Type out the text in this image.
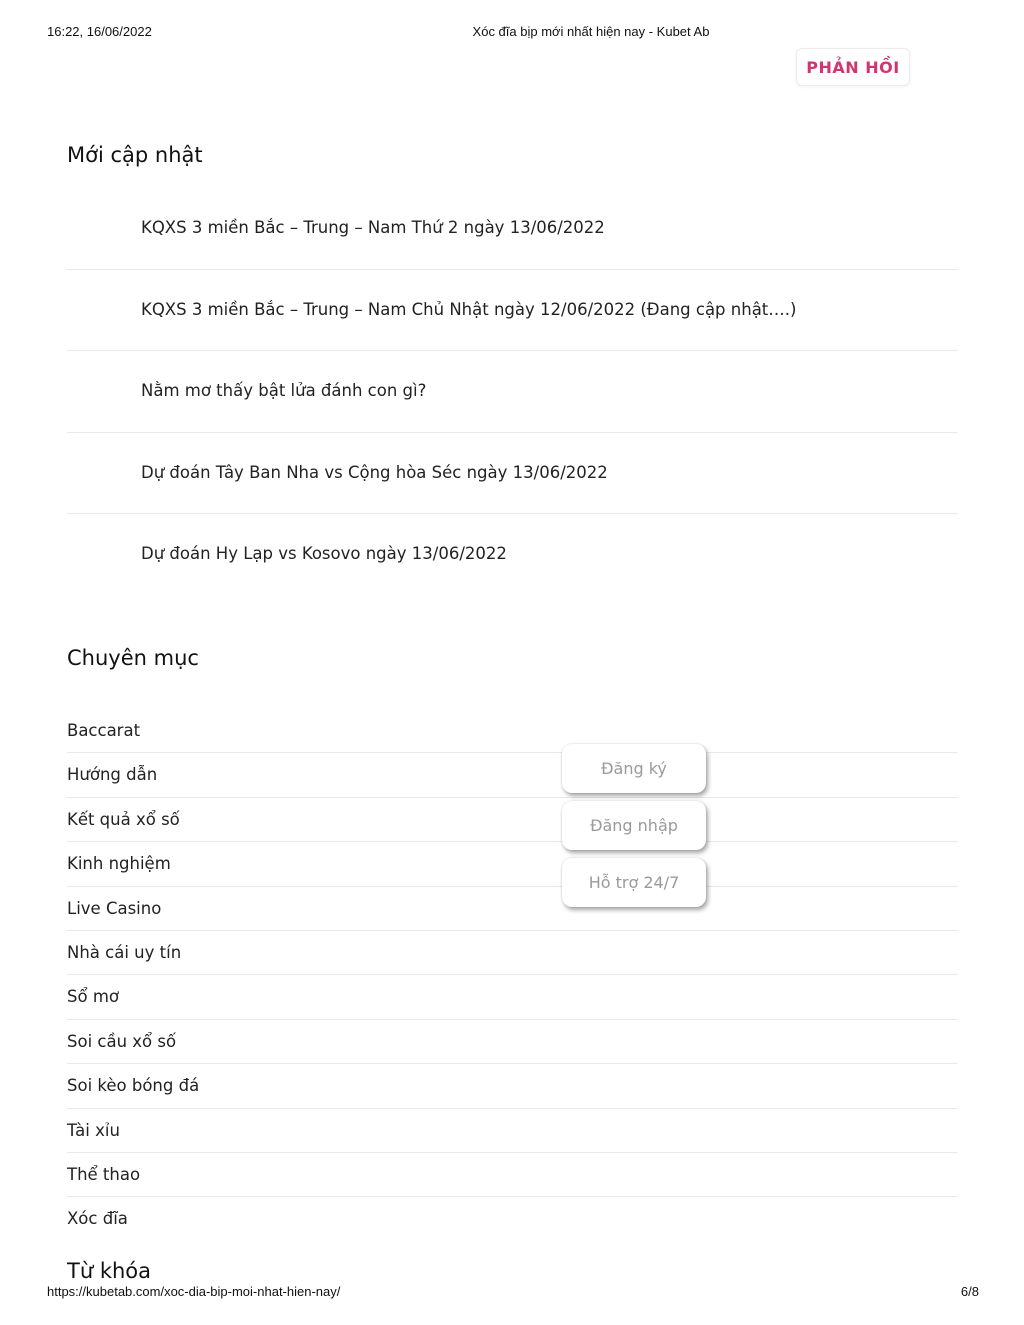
16:22, 16/06/2022	Xóc đĩa bịp mới nhất hiện nay - Kubet Ab
PHẢN HỒI
Mới cập nhật
KQXS 3 miền Bắc – Trung – Nam Thứ 2 ngày 13/06/2022
KQXS 3 miền Bắc – Trung – Nam Chủ Nhật ngày 12/06/2022 (Đang cập nhật….)
Nằm mơ thấy bật lửa đánh con gì?
Dự đoán Tây Ban Nha vs Cộng hòa Séc ngày 13/06/2022
Dự đoán Hy Lạp vs Kosovo ngày 13/06/2022
Chuyên mục
Baccarat
Hướng dẫn
Kết quả xổ số
Kinh nghiệm
Live Casino
Nhà cái uy tín
Sổ mơ
Soi cầu xổ số
Soi kèo bóng đá
Tài xỉu
Thể thao
Xóc đĩa
Từ khóa
Đăng ký
Đăng nhập
Hỗ trợ 24/7
https://kubetab.com/xoc-dia-bip-moi-nhat-hien-nay/	6/8
